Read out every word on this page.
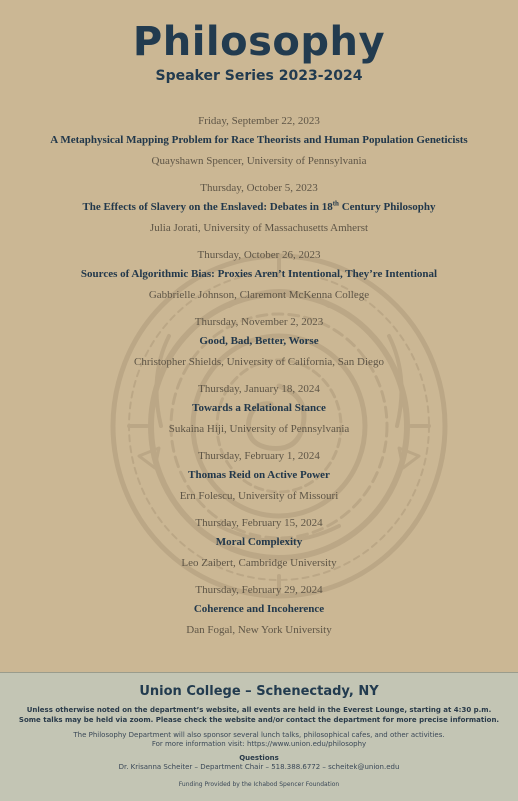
Philosophy
Speaker Series 2023-2024
Friday, September 22, 2023
A Metaphysical Mapping Problem for Race Theorists and Human Population Geneticists
Quayshawn Spencer, University of Pennsylvania
Thursday, October 5, 2023
The Effects of Slavery on the Enslaved: Debates in 18th Century Philosophy
Julia Jorati, University of Massachusetts Amherst
Thursday, October 26, 2023
Sources of Algorithmic Bias: Proxies Aren’t Intentional, They’re Intentional
Gabbrielle Johnson, Claremont McKenna College
Thursday, November 2, 2023
Good, Bad, Better, Worse
Christopher Shields, University of California, San Diego
Thursday, January 18, 2024
Towards a Relational Stance
Sukaina Hiji, University of Pennsylvania
Thursday, February 1, 2024
Thomas Reid on Active Power
Ern Folescu, University of Missouri
Thursday, February 15, 2024
Moral Complexity
Leo Zaibert, Cambridge University
Thursday, February 29, 2024
Coherence and Incoherence
Dan Fogal, New York University
Union College – Schenectady, NY
Unless otherwise noted on the department’s website, all events are held in the Everest Lounge, starting at 4:30 p.m.
Some talks may be held via zoom. Please check the website and/or contact the department for more precise information.
The Philosophy Department will also sponsor several lunch talks, philosophical cafes, and other activities.
For more information visit: https://www.union.edu/philosophy
Questions
Dr. Krisanna Scheiter – Department Chair – 518.388.6772 – scheitek@union.edu
Funding Provided by the Ichabod Spencer Foundation
